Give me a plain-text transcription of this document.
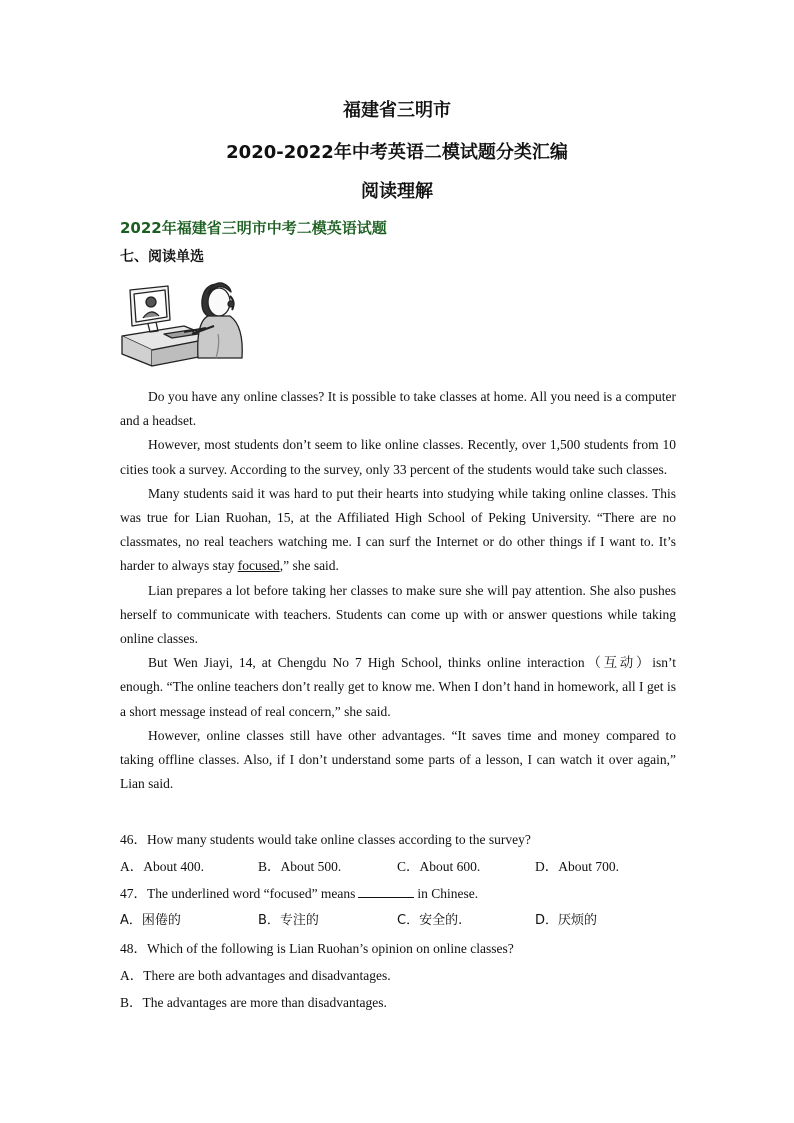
福建省三明市
2020-2022年中考英语二模试题分类汇编
阅读理解
2022年福建省三明市中考二模英语试题
七、阅读单选

Do you have any online classes? It is possible to take classes at home. All you need is a computer and a headset.

However, most students don’t seem to like online classes. Recently, over 1,500 students from 10 cities took a survey. According to the survey, only 33 percent of the students would take such classes.

Many students said it was hard to put their hearts into studying while taking online classes. This was true for Lian Ruohan, 15, at the Affiliated High School of Peking University. “There are no classmates, no real teachers watching me. I can surf the Internet or do other things if I want to. It’s harder to always stay focused,” she said.

Lian prepares a lot before taking her classes to make sure she will pay attention. She also pushes herself to communicate with teachers. Students can come up with or answer questions while taking online classes.

But Wen Jiayi, 14, at Chengdu No 7 High School, thinks online interaction（互动）isn’t enough. “The online teachers don’t really get to know me. When I don’t hand in homework, all I get is a short message instead of real concern,” she said.

However, online classes still have other advantages. “It saves time and money compared to taking offline classes. Also, if I don’t understand some parts of a lesson, I can watch it over again,” Lian said.

46．How many students would take online classes according to the survey?
A．About 400.	B．About 500.	C．About 600.	D．About 700.
47．The underlined word “focused” means	in Chinese.
A．困倦的	B．专注的	C．安全的.	D．厌烦的
48．Which of the following is Lian Ruohan’s opinion on online classes?
A．There are both advantages and disadvantages.
B．The advantages are more than disadvantages.
